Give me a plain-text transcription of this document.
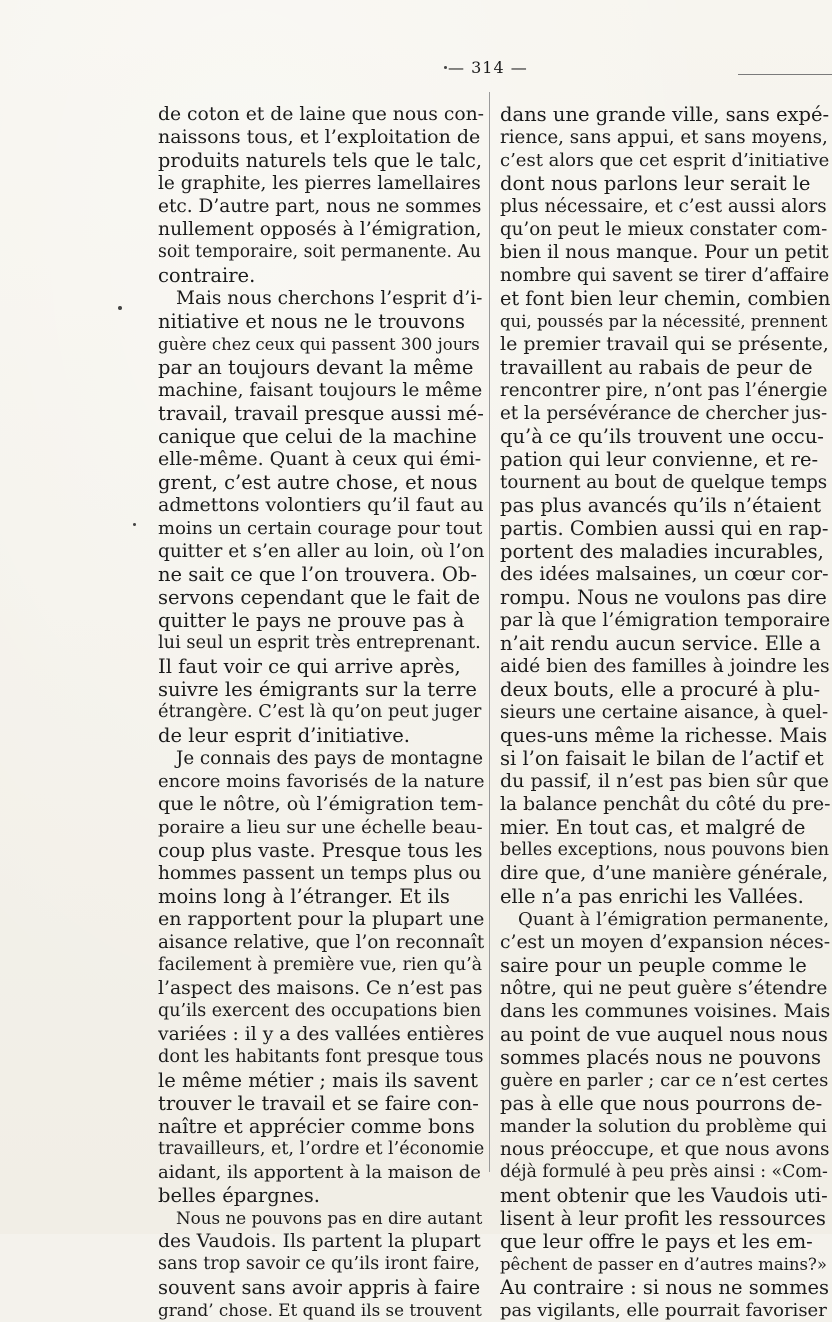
— 314 —
de coton et de laine que nous con-
naissons tous, et l’exploitation de
produits naturels tels que le talc,
le graphite, les pierres lamellaires
etc. D’autre part, nous ne sommes
nullement opposés à l’émigration,
soit temporaire, soit permanente. Au
contraire.
Mais nous cherchons l’esprit d’i-
nitiative et nous ne le trouvons
guère chez ceux qui passent 300 jours
par an toujours devant la même
machine, faisant toujours le même
travail, travail presque aussi mé-
canique que celui de la machine
elle-même. Quant à ceux qui émi-
grent, c’est autre chose, et nous
admettons volontiers qu’il faut au
moins un certain courage pour tout
quitter et s’en aller au loin, où l’on
ne sait ce que l’on trouvera. Ob-
servons cependant que le fait de
quitter le pays ne prouve pas à
lui seul un esprit très entreprenant.
Il faut voir ce qui arrive après,
suivre les émigrants sur la terre
étrangère. C’est là qu’on peut juger
de leur esprit d’initiative.
Je connais des pays de montagne
encore moins favorisés de la nature
que le nôtre, où l’émigration tem-
poraire a lieu sur une échelle beau-
coup plus vaste. Presque tous les
hommes passent un temps plus ou
moins long à l’étranger. Et ils
en rapportent pour la plupart une
aisance relative, que l’on reconnaît
facilement à première vue, rien qu’à
l’aspect des maisons. Ce n’est pas
qu’ils exercent des occupations bien
variées : il y a des vallées entières
dont les habitants font presque tous
le même métier ; mais ils savent
trouver le travail et se faire con-
naître et apprécier comme bons
travailleurs, et, l’ordre et l’économie
aidant, ils apportent à la maison de
belles épargnes.
Nous ne pouvons pas en dire autant
des Vaudois. Ils partent la plupart
sans trop savoir ce qu’ils iront faire,
souvent sans avoir appris à faire
grand’ chose. Et quand ils se trouvent
dans une grande ville, sans expé-
rience, sans appui, et sans moyens,
c’est alors que cet esprit d’initiative
dont nous parlons leur serait le
plus nécessaire, et c’est aussi alors
qu’on peut le mieux constater com-
bien il nous manque. Pour un petit
nombre qui savent se tirer d’affaire
et font bien leur chemin, combien
qui, poussés par la nécessité, prennent
le premier travail qui se présente,
travaillent au rabais de peur de
rencontrer pire, n’ont pas l’énergie
et la persévérance de chercher jus-
qu’à ce qu’ils trouvent une occu-
pation qui leur convienne, et re-
tournent au bout de quelque temps
pas plus avancés qu’ils n’étaient
partis. Combien aussi qui en rap-
portent des maladies incurables,
des idées malsaines, un cœur cor-
rompu. Nous ne voulons pas dire
par là que l’émigration temporaire
n’ait rendu aucun service. Elle a
aidé bien des familles à joindre les
deux bouts, elle a procuré à plu-
sieurs une certaine aisance, à quel-
ques-uns même la richesse. Mais
si l’on faisait le bilan de l’actif et
du passif, il n’est pas bien sûr que
la balance penchât du côté du pre-
mier. En tout cas, et malgré de
belles exceptions, nous pouvons bien
dire que, d’une manière générale,
elle n’a pas enrichi les Vallées.
Quant à l’émigration permanente,
c’est un moyen d’expansion néces-
saire pour un peuple comme le
nôtre, qui ne peut guère s’étendre
dans les communes voisines. Mais
au point de vue auquel nous nous
sommes placés nous ne pouvons
guère en parler ; car ce n’est certes
pas à elle que nous pourrons de-
mander la solution du problème qui
nous préoccupe, et que nous avons
déjà formulé à peu près ainsi : «Com-
ment obtenir que les Vaudois uti-
lisent à leur profit les ressources
que leur offre le pays et les em-
pêchent de passer en d’autres mains?»
Au contraire : si nous ne sommes
pas vigilants, elle pourrait favoriser
